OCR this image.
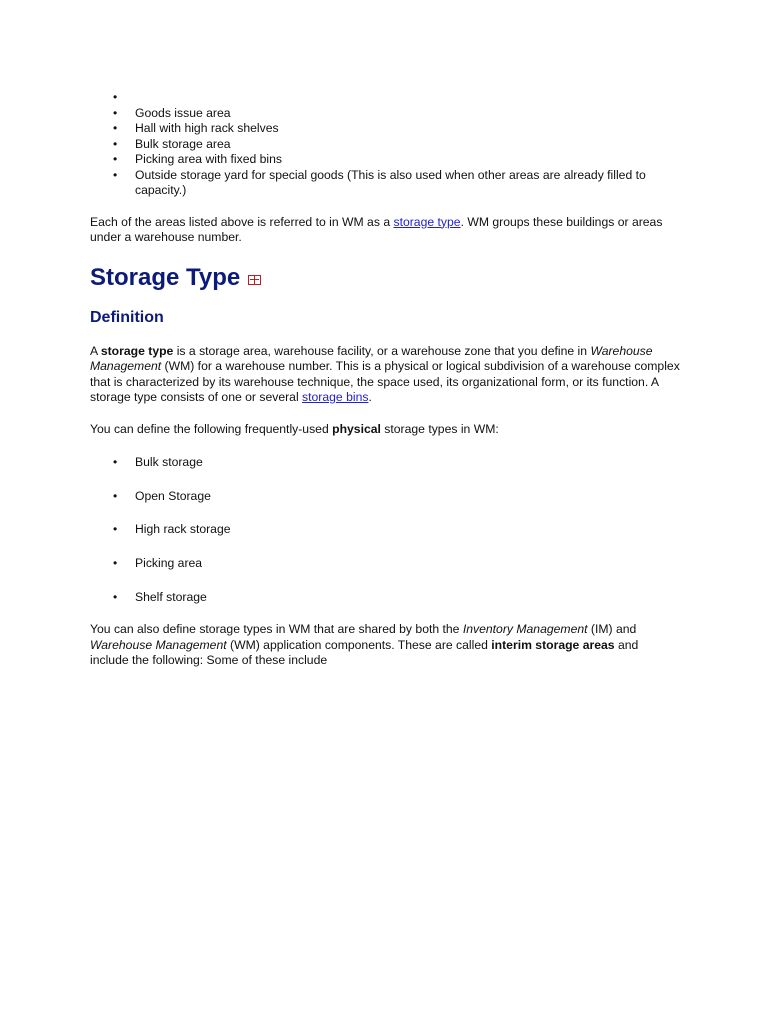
•
• Goods issue area
• Hall with high rack shelves
• Bulk storage area
• Picking area with fixed bins
• Outside storage yard for special goods (This is also used when other areas are already filled to capacity.)

Each of the areas listed above is referred to in WM as a storage type. WM groups these buildings or areas under a warehouse number.

Storage Type
Definition

A storage type is a storage area, warehouse facility, or a warehouse zone that you define in Warehouse Management (WM) for a warehouse number. This is a physical or logical subdivision of a warehouse complex that is characterized by its warehouse technique, the space used, its organizational form, or its function. A storage type consists of one or several storage bins.

You can define the following frequently-used physical storage types in WM:

• Bulk storage
• Open Storage
• High rack storage
• Picking area
• Shelf storage

You can also define storage types in WM that are shared by both the Inventory Management (IM) and Warehouse Management (WM) application components. These are called interim storage areas and include the following: Some of these include
